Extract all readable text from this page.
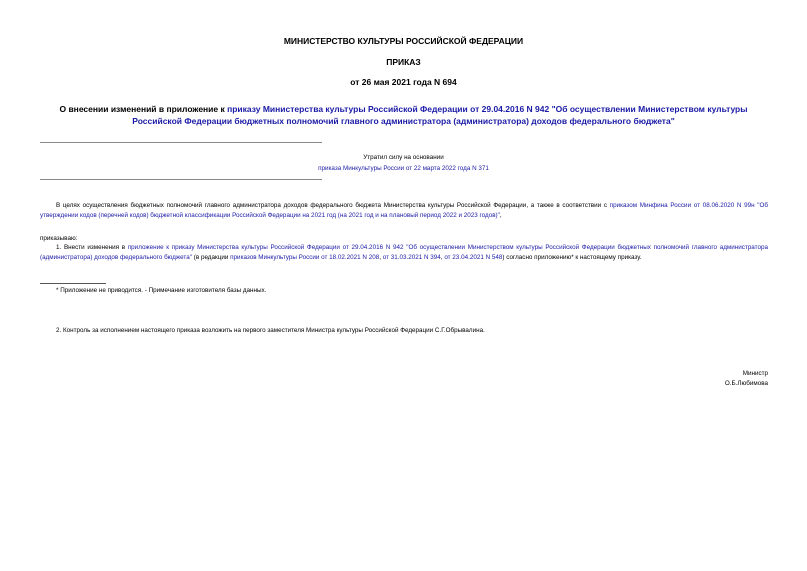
МИНИСТЕРСТВО КУЛЬТУРЫ РОССИЙСКОЙ ФЕДЕРАЦИИ
ПРИКАЗ
от 26 мая 2021 года N 694
О внесении изменений в приложение к приказу Министерства культуры Российской Федерации от 29.04.2016 N 942 "Об осуществлении Министерством культуры Российской Федерации бюджетных полномочий главного администратора (администратора) доходов федерального бюджета"
Утратил силу на основании
приказа Минкультуры России от 22 марта 2022 года N 371
В целях осуществления бюджетных полномочий главного администратора доходов федерального бюджета Министерства культуры Российской Федерации, а также в соответствии с приказом Минфина России от 08.06.2020 N 99н "Об утверждении кодов (перечней кодов) бюджетной классификации Российской Федерации на 2021 год (на 2021 год и на плановый период 2022 и 2023 годов)",
приказываю:
1. Внести изменения в приложение к приказу Министерства культуры Российской Федерации от 29.04.2016 N 942 "Об осуществлении Министерством культуры Российской Федерации бюджетных полномочий главного администратора (администратора) доходов федерального бюджета" (в редакции приказов Минкультуры России от 18.02.2021 N 208, от 31.03.2021 N 394, от 23.04.2021 N 548) согласно приложению* к настоящему приказу.
* Приложение не приводится. - Примечание изготовителя базы данных.
2. Контроль за исполнением настоящего приказа возложить на первого заместителя Министра культуры Российской Федерации С.Г.Обрывалина.
Министр
О.Б.Любимова
